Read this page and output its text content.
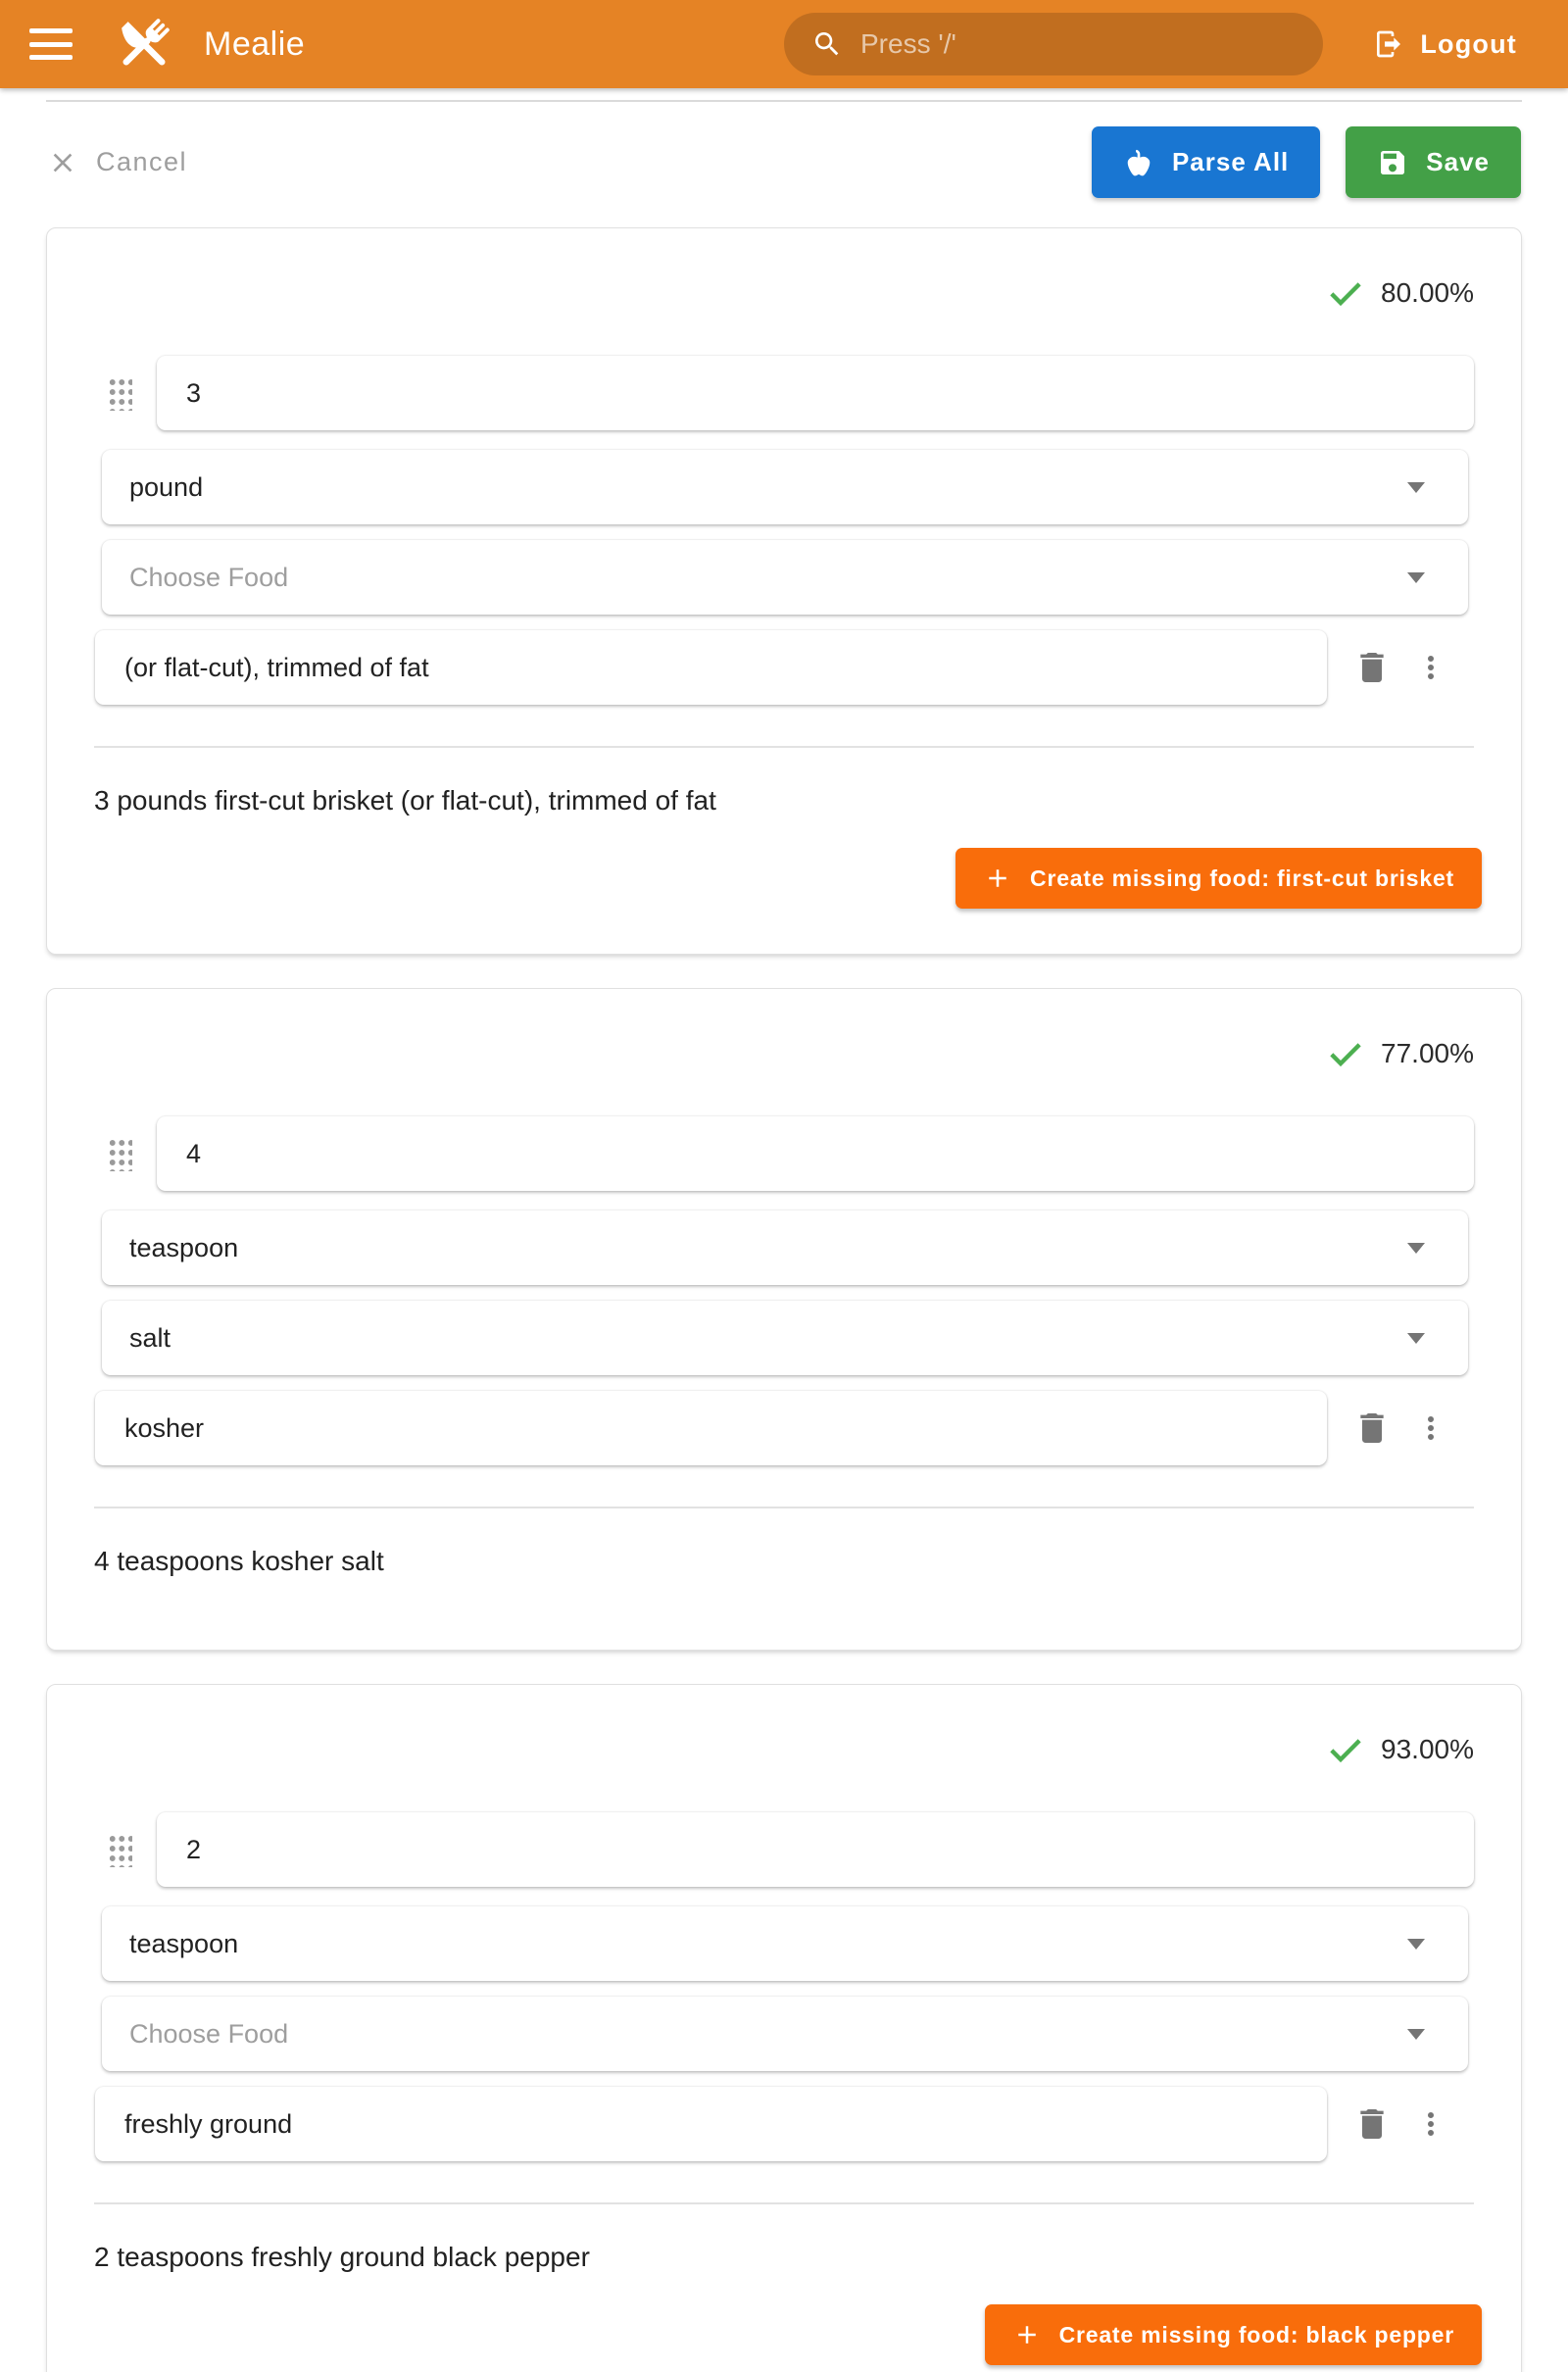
Mealie	Press '/'	Logout
Cancel	Parse All	Save
80.00%
3
pound
Choose Food
(or flat-cut), trimmed of fat

3 pounds first-cut brisket (or flat-cut), trimmed of fat

Create missing food: first-cut brisket
77.00%
4
teaspoon
salt
kosher

4 teaspoons kosher salt

93.00%
2
teaspoon
Choose Food
freshly ground

2 teaspoons freshly ground black pepper

Create missing food: black pepper
